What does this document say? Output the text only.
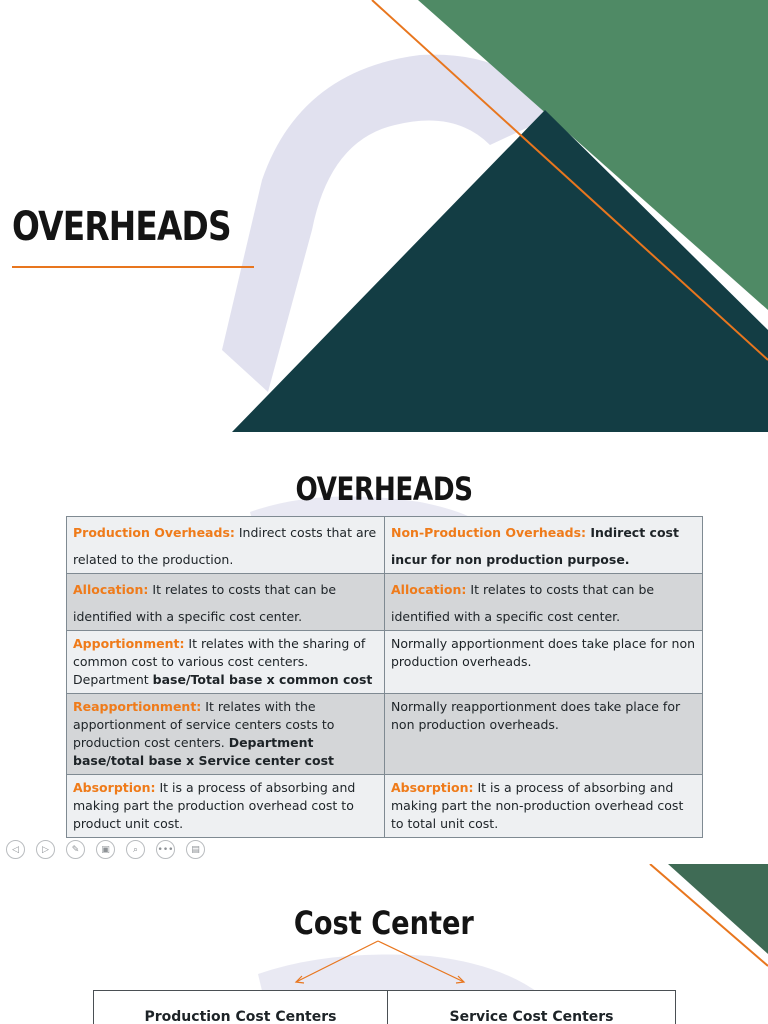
OVERHEADS
OVERHEADS
Production Overheads: Indirect costs that are related to the production.	Non-Production Overheads: Indirect cost incur for non production purpose.
Allocation: It relates to costs that can be identified with a specific cost center.	Allocation: It relates to costs that can be identified with a specific cost center.
Apportionment: It relates with the sharing of common cost to various cost centers. Department base/Total base x common cost	Normally apportionment does take place for non production overheads.
Reapportionment: It relates with the apportionment of service centers costs to production cost centers. Department base/total base x Service center cost	Normally reapportionment does take place for non production overheads.
Absorption: It is a process of absorbing and making part the production overhead cost to product unit cost.	Absorption: It is a process of absorbing and making part the non-production overhead cost to total unit cost.
◁	▷	✎	▣	⌕	•••	▤
Cost Center
Production Cost Centers	Service Cost Centers
